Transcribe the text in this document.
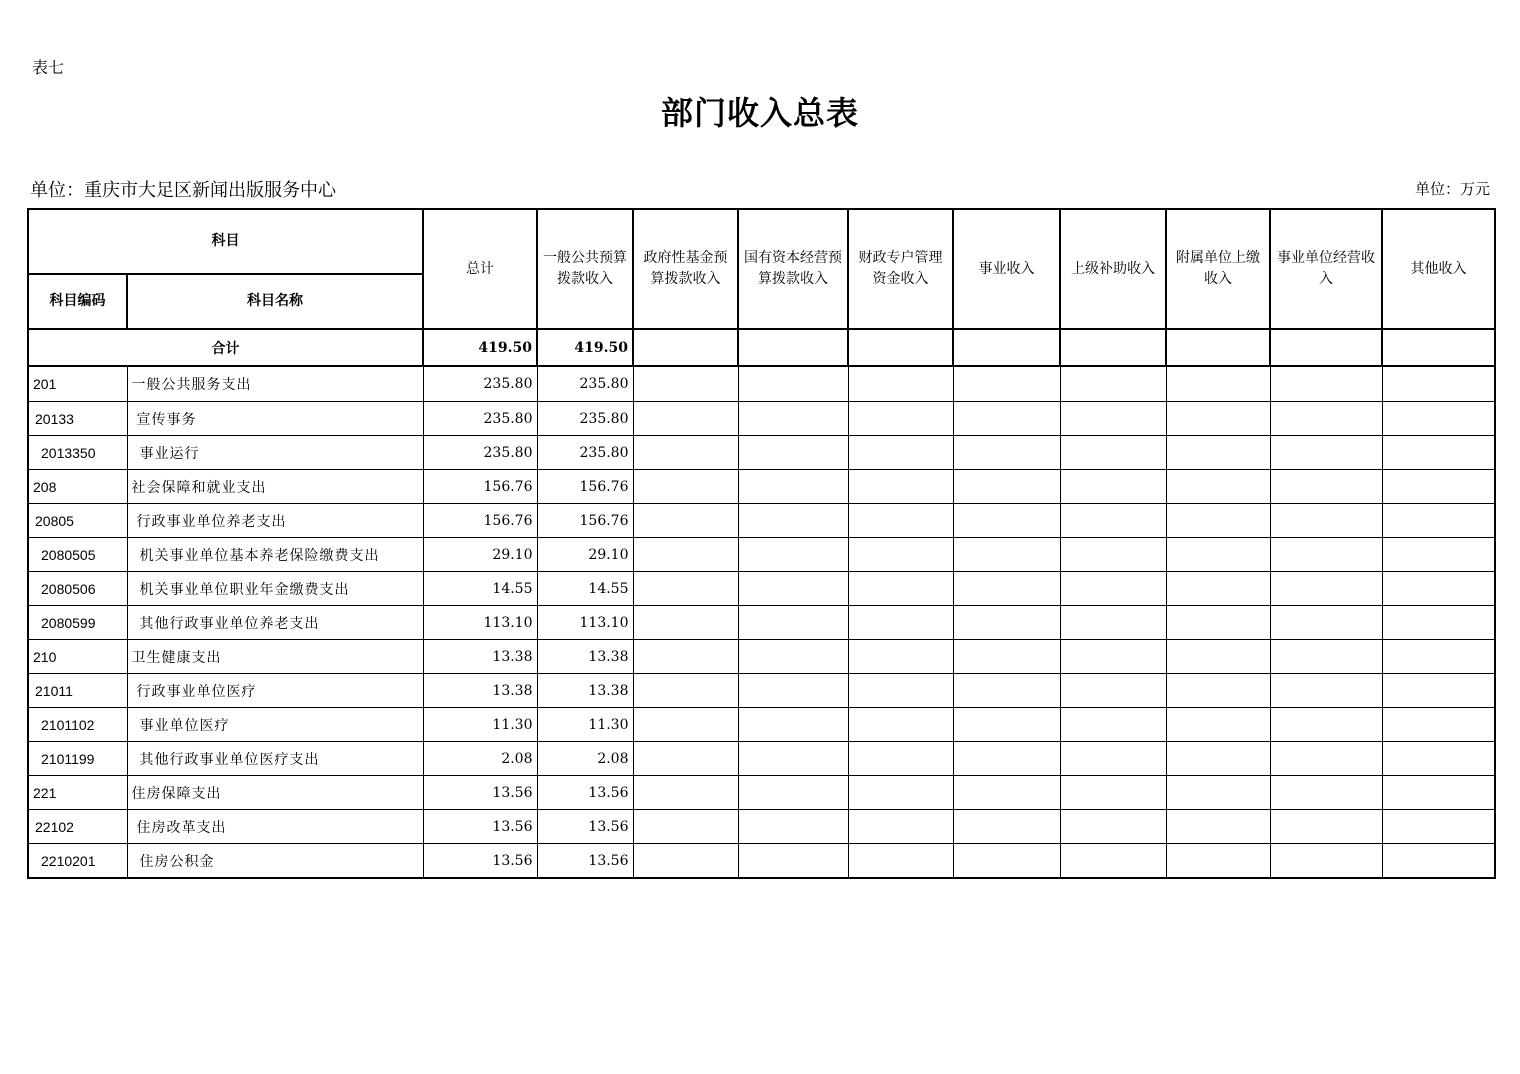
表七
部门收入总表
单位：重庆市大足区新闻出版服务中心	单位：万元
科目		总计	一般公共预算拨款收入	政府性基金预算拨款收入	国有资本经营预算拨款收入	财政专户管理资金收入	事业收入	上级补助收入	附属单位上缴收入	事业单位经营收入	其他收入
科目编码	科目名称										
合计		419.50	419.50								
201	一般公共服务支出	235.80	235.80								
20133	宣传事务	235.80	235.80								
2013350	事业运行	235.80	235.80								
208	社会保障和就业支出	156.76	156.76								
20805	行政事业单位养老支出	156.76	156.76								
2080505	机关事业单位基本养老保险缴费支出	29.10	29.10								
2080506	机关事业单位职业年金缴费支出	14.55	14.55								
2080599	其他行政事业单位养老支出	113.10	113.10								
210	卫生健康支出	13.38	13.38								
21011	行政事业单位医疗	13.38	13.38								
2101102	事业单位医疗	11.30	11.30								
2101199	其他行政事业单位医疗支出	2.08	2.08								
221	住房保障支出	13.56	13.56								
22102	住房改革支出	13.56	13.56								
2210201	住房公积金	13.56	13.56								
